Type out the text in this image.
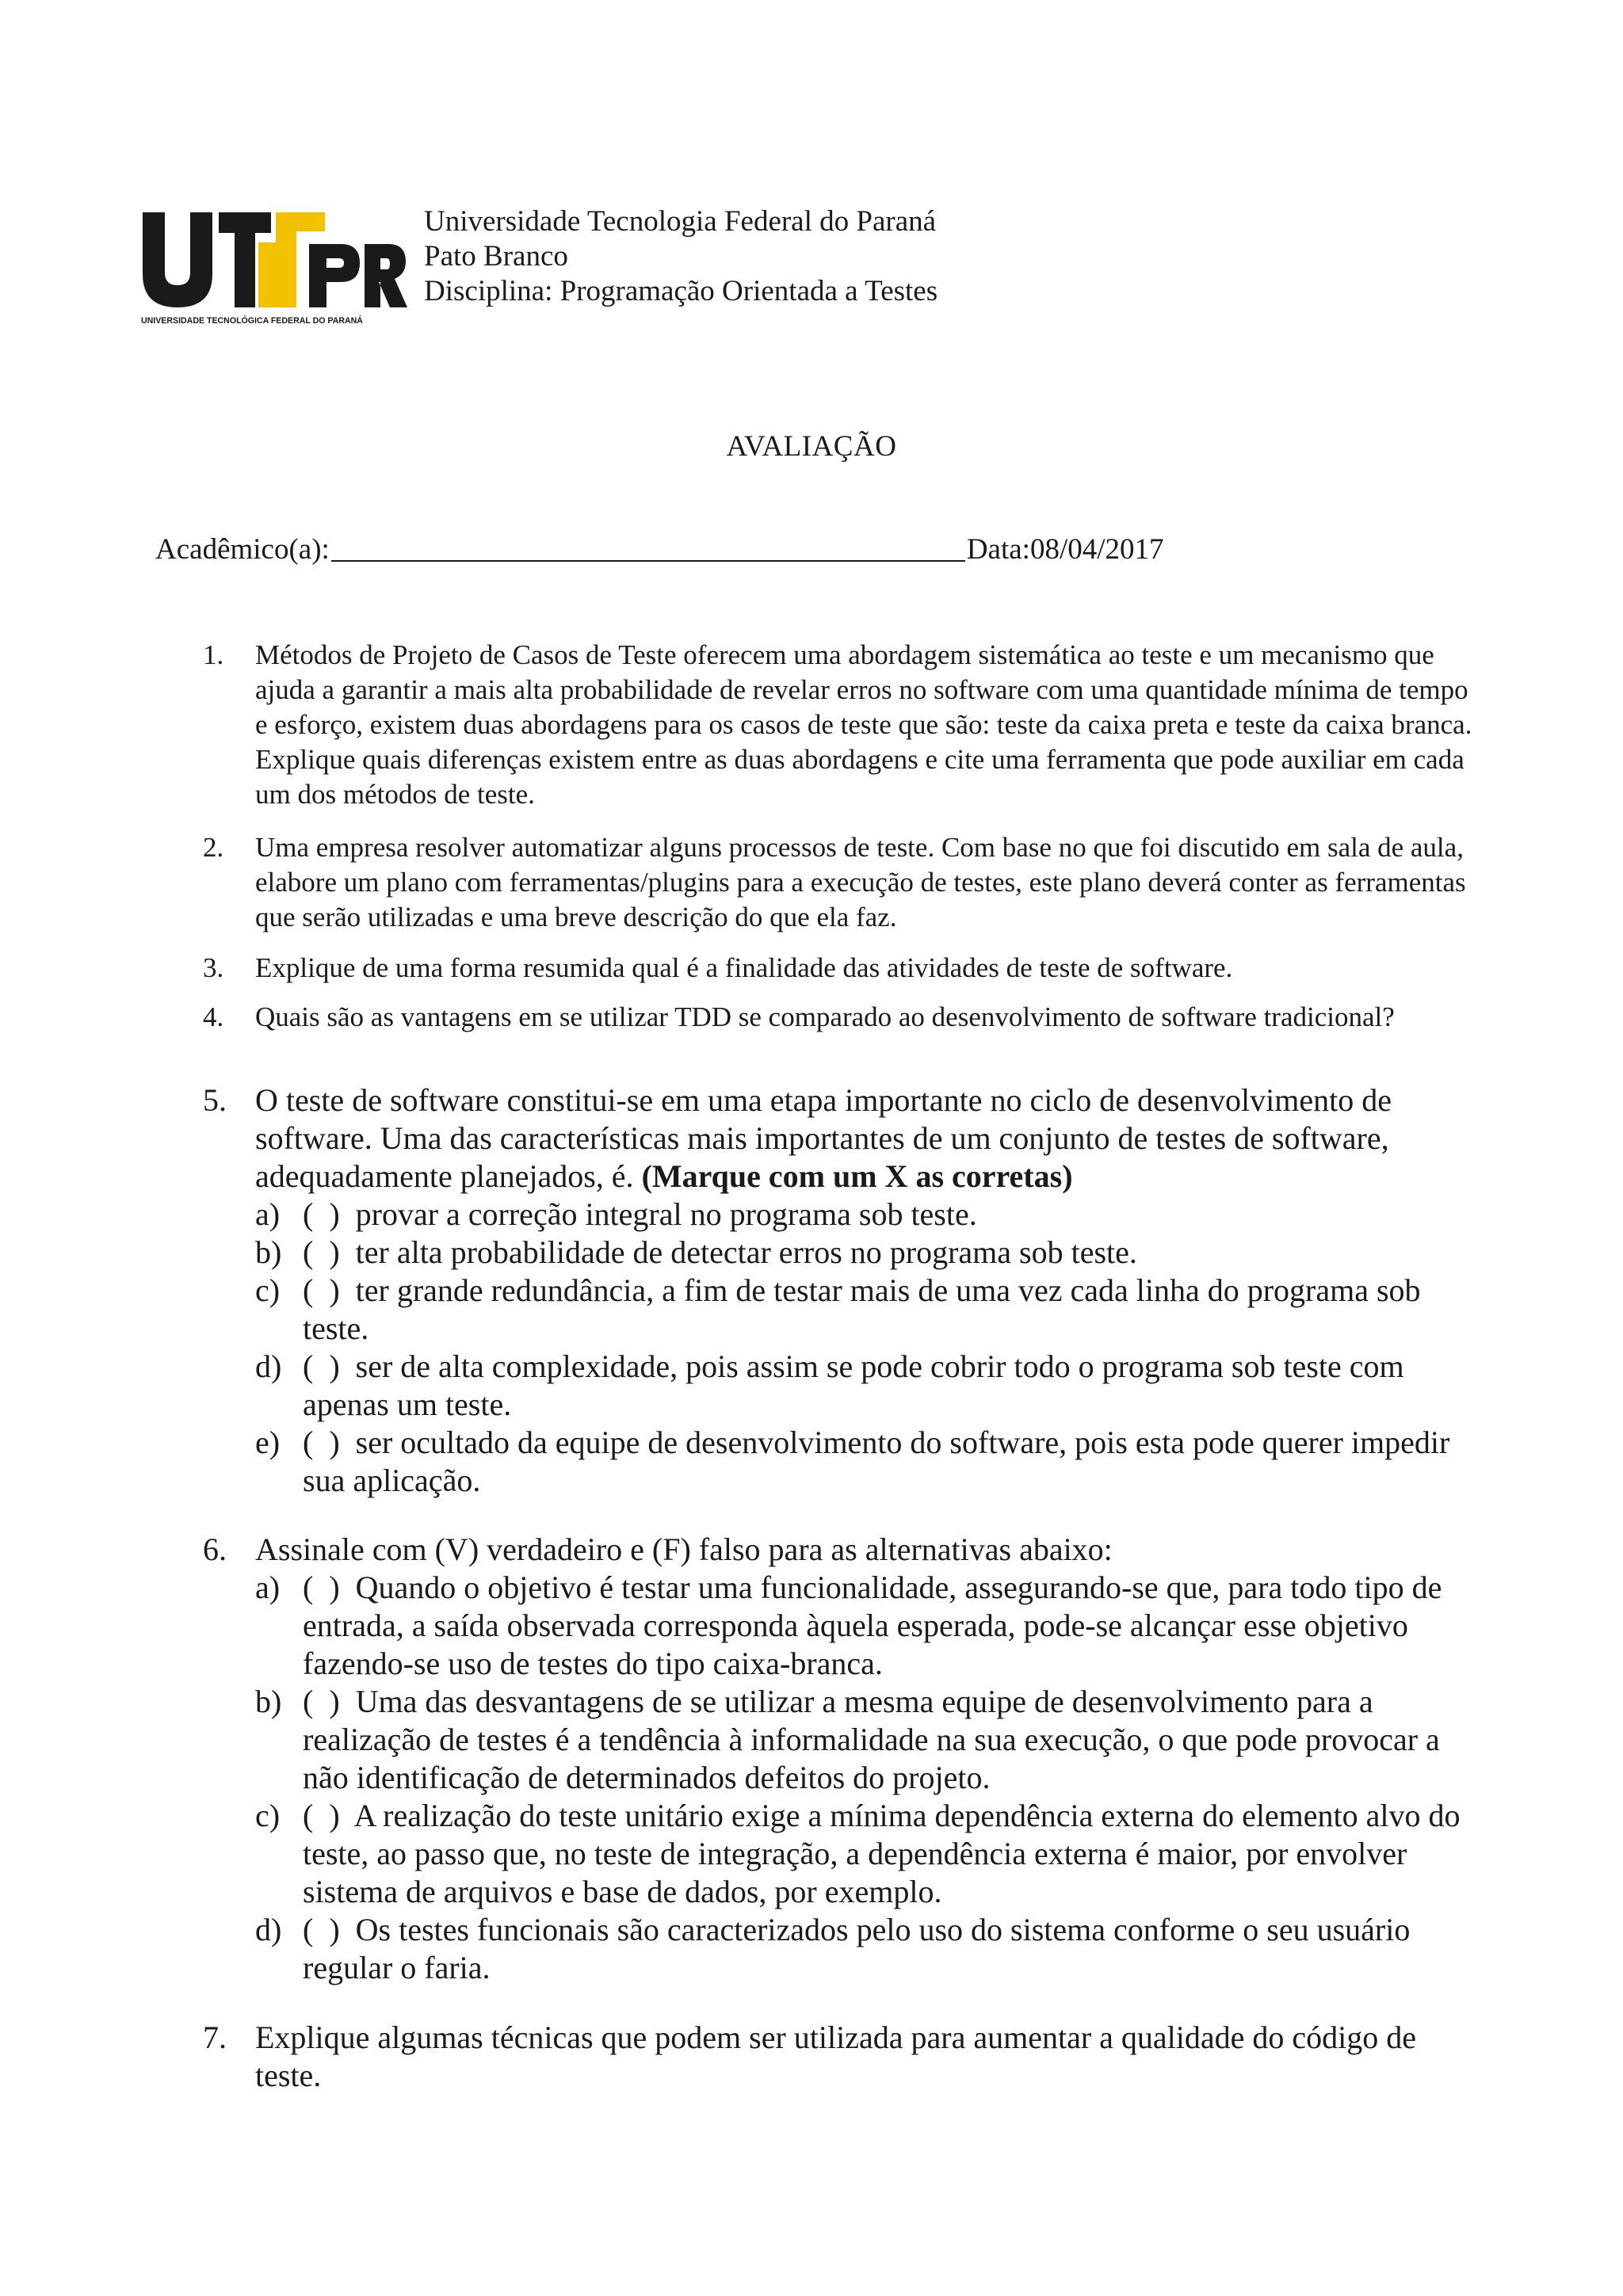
UNIVERSIDADE TECNOLÓGICA FEDERAL DO PARANÁ
Universidade Tecnologia Federal do Paraná
Pato Branco
Disciplina: Programação Orientada a Testes
AVALIAÇÃO
Acadêmico(a):	Data:08/04/2017
1. Métodos de Projeto de Casos de Teste oferecem uma abordagem sistemática ao teste e um mecanismo que ajuda a garantir a mais alta probabilidade de revelar erros no software com uma quantidade mínima de tempo e esforço, existem duas abordagens para os casos de teste que são: teste da caixa preta e teste da caixa branca. Explique quais diferenças existem entre as duas abordagens e cite uma ferramenta que pode auxiliar em cada um dos métodos de teste.
2. Uma empresa resolver automatizar alguns processos de teste. Com base no que foi discutido em sala de aula, elabore um plano com ferramentas/plugins para a execução de testes, este plano deverá conter as ferramentas que serão utilizadas e uma breve descrição do que ela faz.
3. Explique de uma forma resumida qual é a finalidade das atividades de teste de software.
4. Quais são as vantagens em se utilizar TDD se comparado ao desenvolvimento de software tradicional?
5. O teste de software constitui-se em uma etapa importante no ciclo de desenvolvimento de software. Uma das características mais importantes de um conjunto de testes de software, adequadamente planejados, é. (Marque com um X as corretas)
a) (  )  provar a correção integral no programa sob teste.
b) (  )  ter alta probabilidade de detectar erros no programa sob teste.
c) (  )  ter grande redundância, a fim de testar mais de uma vez cada linha do programa sob teste.
d) (  )  ser de alta complexidade, pois assim se pode cobrir todo o programa sob teste com apenas um teste.
e) (  )  ser ocultado da equipe de desenvolvimento do software, pois esta pode querer impedir sua aplicação.
6. Assinale com (V) verdadeiro e (F) falso para as alternativas abaixo:
a) (  )  Quando o objetivo é testar uma funcionalidade, assegurando-se que, para todo tipo de entrada, a saída observada corresponda àquela esperada, pode-se alcançar esse objetivo fazendo-se uso de testes do tipo caixa-branca.
b) (  )  Uma das desvantagens de se utilizar a mesma equipe de desenvolvimento para a realização de testes é a tendência à informalidade na sua execução, o que pode provocar a não identificação de determinados defeitos do projeto.
c) (  )  A realização do teste unitário exige a mínima dependência externa do elemento alvo do teste, ao passo que, no teste de integração, a dependência externa é maior, por envolver sistema de arquivos e base de dados, por exemplo.
d) (  )  Os testes funcionais são caracterizados pelo uso do sistema conforme o seu usuário regular o faria.
7. Explique algumas técnicas que podem ser utilizada para aumentar a qualidade do código de teste.
